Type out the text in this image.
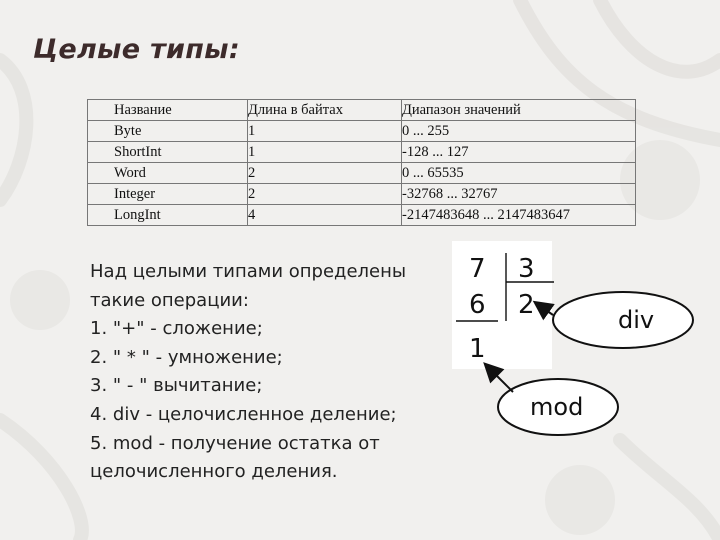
Целые типы:
Название	Длина в байтах	Диапазон значений
Byte	1	0 ... 255
ShortInt	1	-128 ... 127
Word	2	0 ... 65535
Integer	2	-32768 ... 32767
LongInt	4	-2147483648 ... 2147483647
Над целыми типами определены
такие операции:
1. "+" - сложение;
2. " * " - умножение;
3. " - " вычитание;
4. div - целочисленное деление;
5. mod - получение остатка от
целочисленного деления.
7 3
6 2
1
div
mod
